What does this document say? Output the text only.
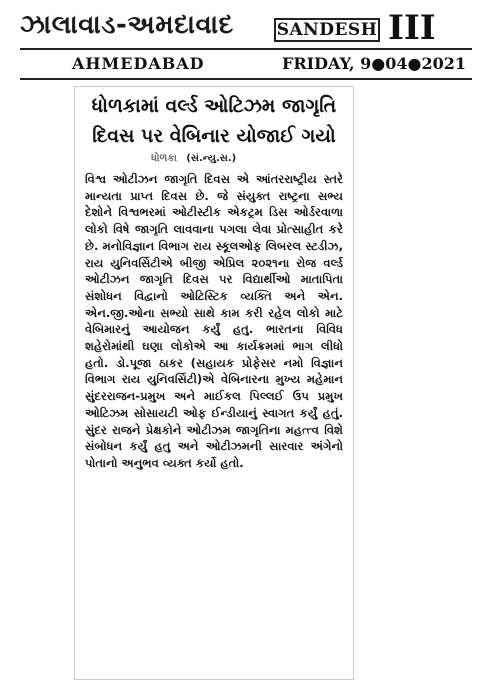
ઝાલાવાડ-અમદાવાદ	SANDESH III
AHMEDABAD	FRIDAY, 9●04●2021
ધોળકામાં વર્લ્ડ ઓટિઝમ જાગૃતિ દિવસ પર વેબિનાર યોજાઈ ગયો
ધોળકા (સં.ન્યુ.સ.)

વિશ્વ ઓટીઝન જાગૃતિ દિવસ એ આંતરરાષ્ટ્રીય સ્તરે માન્યતા પ્રાપ્ત દિવસ છે. જે સંયુક્ત રાષ્ટ્રના સભ્ય દેશોને વિશ્વભરમાં ઓટીસ્ટીક એકટ્રમ ડિસ ઓર્ડરવાળા લોકો વિષે જાગૃતિ લાવવાના પગલા લેવા પ્રોત્સાહીત કરે છે. મનોવિજ્ઞાન વિભાગ રાય સ્કૂલઓફ લિબરલ સ્ટડીઝ, રાય યુનિવર્સિટીએ બીજી એપ્રિલ ૨૦૨૧ના રોજ વર્લ્ડ ઓટીઝન જાગૃતિ દિવસ પર વિદ્યાર્થીઓ માતાપિતા સંશોધન વિદ્વાનો ઓટિસ્ટિક વ્યક્તિ અને એન. એન.જી.ઓના સભ્યો સાથે કામ કરી રહેલ લોકો માટે વેબિમારનું આયોજન કર્યું હતુ. ભારતના વિવિધ શહેરોમાંથી ઘણા લોકોએ આ કાર્યક્રમમાં ભાગ લીધો હતો. ડો.પૂજા ઠાકર (સહાયક પ્રોફેસર નમો વિજ્ઞાન વિભાગ રાય યુનિવર્સિટી)એ વેબિનારના મુખ્ય મહેમાન સુંદરરાજન-પ્રમુખ અને માઈકલ પિલ્લઈ ઉપ પ્રમુખ ઓટિઝમ સોસાયટી ઓફ ઈન્ડીયાનું સ્વાગત કર્યું હતું. સુંદર રાજને પ્રેક્ષકોને ઓટીઝમ જાગૃતિના મહત્ત્વ વિશે સંબોધન કર્યું હતુ અને ઓટીઝમની સારવાર અંગેનો પોતાનો અનુભવ વ્યક્ત કર્યો હતો.
